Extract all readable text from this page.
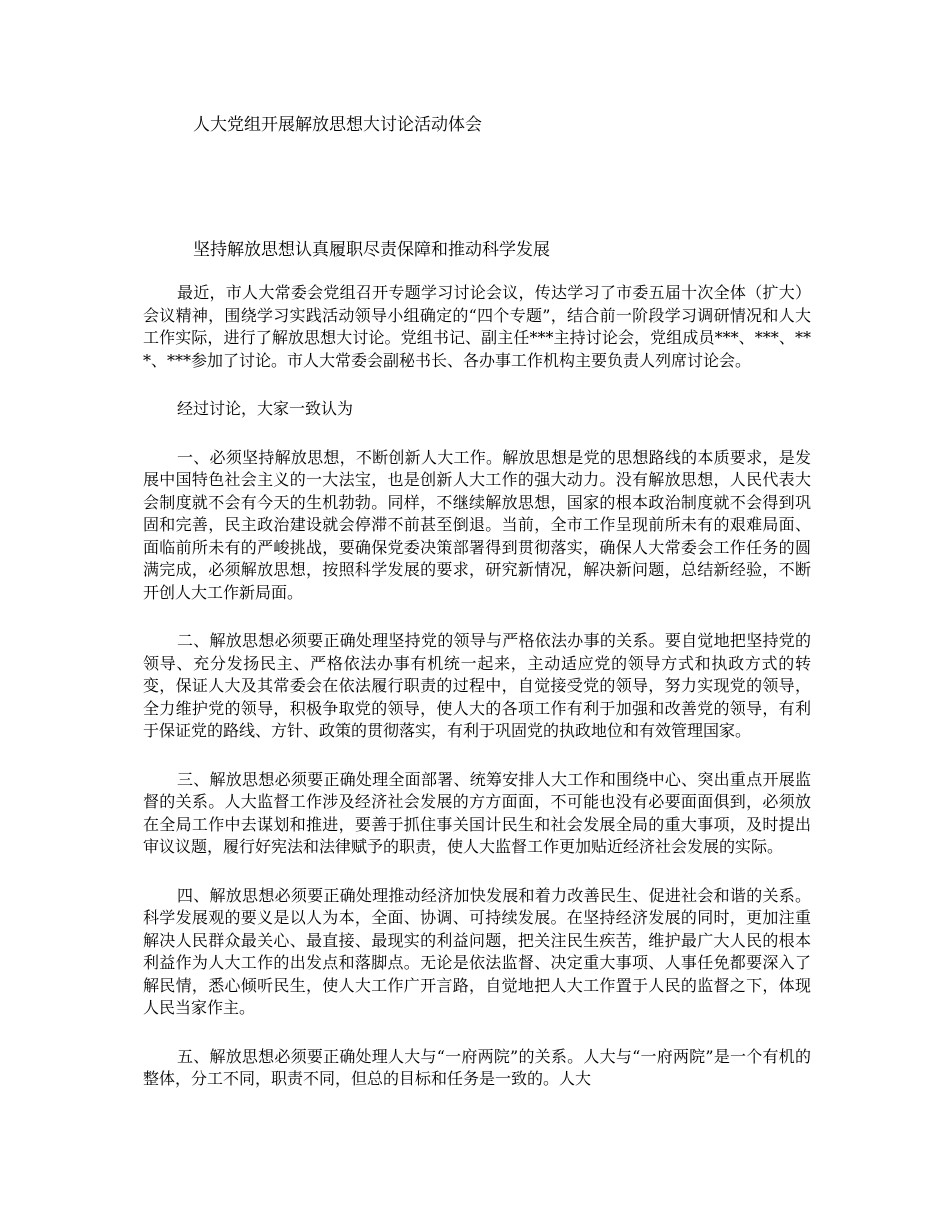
人大党组开展解放思想大讨论活动体会
坚持解放思想认真履职尽责保障和推动科学发展

最近，市人大常委会党组召开专题学习讨论会议，传达学习了市委五届十次全体（扩大）会议精神，围绕学习实践活动领导小组确定的“四个专题”，结合前一阶段学习调研情况和人大工作实际，进行了解放思想大讨论。党组书记、副主任***主持讨论会，党组成员***、***、***、***参加了讨论。市人大常委会副秘书长、各办事工作机构主要负责人列席讨论会。

经过讨论，大家一致认为

一、必须坚持解放思想，不断创新人大工作。解放思想是党的思想路线的本质要求，是发展中国特色社会主义的一大法宝，也是创新人大工作的强大动力。没有解放思想，人民代表大会制度就不会有今天的生机勃勃。同样，不继续解放思想，国家的根本政治制度就不会得到巩固和完善，民主政治建设就会停滞不前甚至倒退。当前，全市工作呈现前所未有的艰难局面、面临前所未有的严峻挑战，要确保党委决策部署得到贯彻落实，确保人大常委会工作任务的圆满完成，必须解放思想，按照科学发展的要求，研究新情况，解决新问题，总结新经验，不断开创人大工作新局面。

二、解放思想必须要正确处理坚持党的领导与严格依法办事的关系。要自觉地把坚持党的领导、充分发扬民主、严格依法办事有机统一起来，主动适应党的领导方式和执政方式的转变，保证人大及其常委会在依法履行职责的过程中，自觉接受党的领导，努力实现党的领导，全力维护党的领导，积极争取党的领导，使人大的各项工作有利于加强和改善党的领导，有利于保证党的路线、方针、政策的贯彻落实，有利于巩固党的执政地位和有效管理国家。

三、解放思想必须要正确处理全面部署、统筹安排人大工作和围绕中心、突出重点开展监督的关系。人大监督工作涉及经济社会发展的方方面面，不可能也没有必要面面俱到，必须放在全局工作中去谋划和推进，要善于抓住事关国计民生和社会发展全局的重大事项，及时提出审议议题，履行好宪法和法律赋予的职责，使人大监督工作更加贴近经济社会发展的实际。

四、解放思想必须要正确处理推动经济加快发展和着力改善民生、促进社会和谐的关系。科学发展观的要义是以人为本，全面、协调、可持续发展。在坚持经济发展的同时，更加注重解决人民群众最关心、最直接、最现实的利益问题，把关注民生疾苦，维护最广大人民的根本利益作为人大工作的出发点和落脚点。无论是依法监督、决定重大事项、人事任免都要深入了解民情，悉心倾听民生，使人大工作广开言路，自觉地把人大工作置于人民的监督之下，体现人民当家作主。

五、解放思想必须要正确处理人大与“一府两院”的关系。人大与“一府两院”是一个有机的整体，分工不同，职责不同，但总的目标和任务是一致的。人大
